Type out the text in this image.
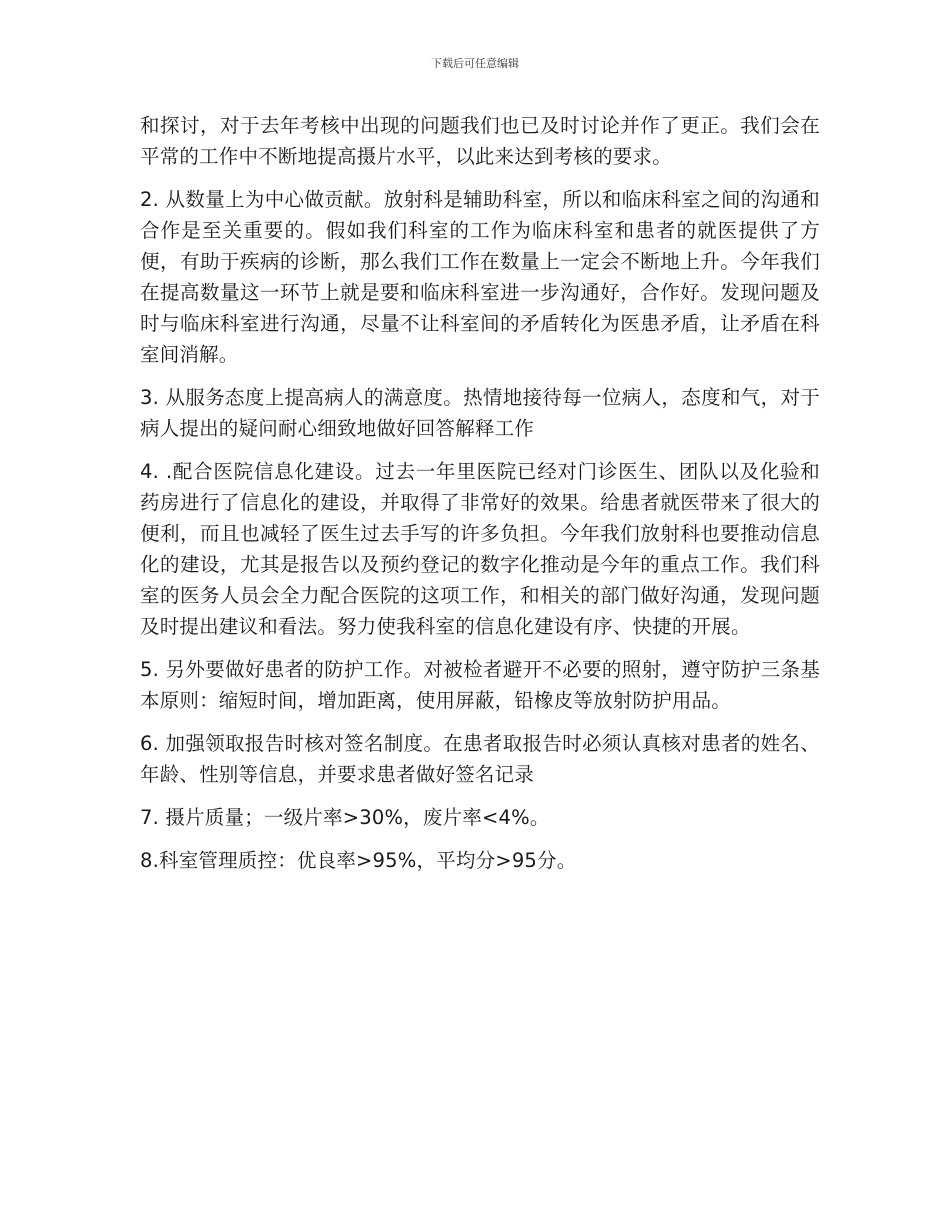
下载后可任意编辑

和探讨，对于去年考核中出现的问题我们也已及时讨论并作了更正。我们会在平常的工作中不断地提高摄片水平，以此来达到考核的要求。

2. 从数量上为中心做贡献。放射科是辅助科室，所以和临床科室之间的沟通和合作是至关重要的。假如我们科室的工作为临床科室和患者的就医提供了方便，有助于疾病的诊断，那么我们工作在数量上一定会不断地上升。今年我们在提高数量这一环节上就是要和临床科室进一步沟通好，合作好。发现问题及时与临床科室进行沟通，尽量不让科室间的矛盾转化为医患矛盾，让矛盾在科室间消解。

3. 从服务态度上提高病人的满意度。热情地接待每一位病人，态度和气，对于病人提出的疑问耐心细致地做好回答解释工作

4. .配合医院信息化建设。过去一年里医院已经对门诊医生、团队以及化验和药房进行了信息化的建设，并取得了非常好的效果。给患者就医带来了很大的便利，而且也减轻了医生过去手写的许多负担。今年我们放射科也要推动信息化的建设，尤其是报告以及预约登记的数字化推动是今年的重点工作。我们科室的医务人员会全力配合医院的这项工作，和相关的部门做好沟通，发现问题及时提出建议和看法。努力使我科室的信息化建设有序、快捷的开展。

5. 另外要做好患者的防护工作。对被检者避开不必要的照射，遵守防护三条基本原则：缩短时间，增加距离，使用屏蔽，铅橡皮等放射防护用品。

6. 加强领取报告时核对签名制度。在患者取报告时必须认真核对患者的姓名、年龄、性别等信息，并要求患者做好签名记录

7. 摄片质量；一级片率>30%，废片率<4%。

8.科室管理质控：优良率>95%，平均分>95分。
